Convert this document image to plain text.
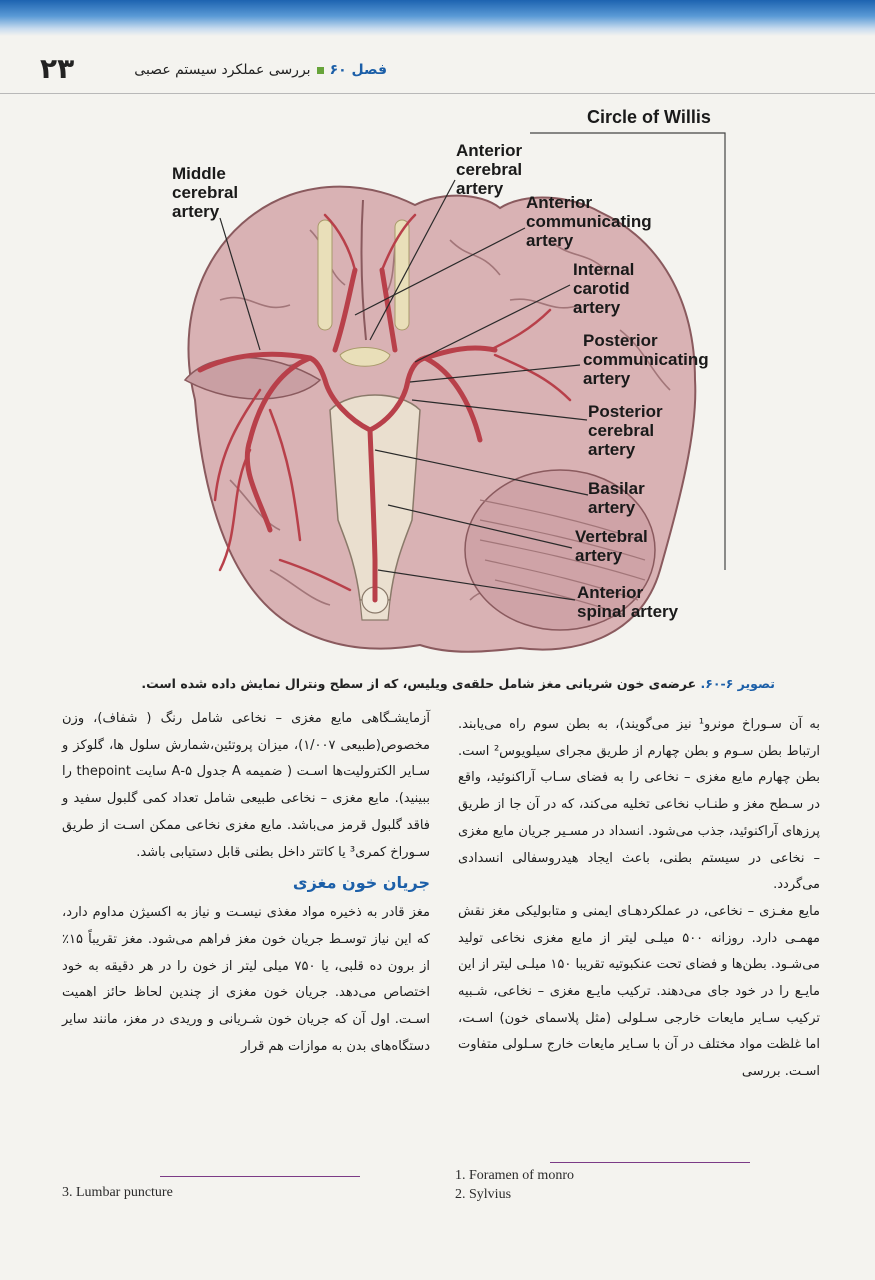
۲۳	فصل ۶۰
بررسی عملکرد سیستم عصبی
Circle of Willis
Middle
cerebral
artery
Anterior
cerebral
artery
Anterior
communicating
artery
Internal
carotid
artery
Posterior
communicating
artery
Posterior
cerebral
artery
Basilar
artery
Vertebral
artery
Anterior
spinal artery
تصویر ۶-۶۰. عرضه‌ی خون شریانی مغز شامل حلقه‌ی ویلیس، که از سطح ونترال نمایش داده شده است.

به آن سـوراخ مونرو¹ نیز می‌گویند)، به بطن سوم راه می‌یابند. ارتباط بطن سـوم و بطن چهارم از طریق مجرای سیلویوس² است. بطن چهارم مایع مغزی – نخاعی را به فضای سـاب آراکنوئید، واقع در سـطح مغز و طنـاب نخاعی تخلیه می‌کند، که در آن جا از طریق پرزهای آراکنوئید، جذب می‌شود. انسداد در مسـیر جریان مایع مغزی – نخاعی در سیستم بطنی، باعث ایجاد هیدروسفالی انسدادی می‌گردد.

مایع مغـزی – نخاعی، در عملکردهـای ایمنی و متابولیکی مغز نقش مهمـی دارد. روزانه ۵۰۰ میلـی لیتر از مایع مغزی نخاعی تولید می‌شـود. بطن‌ها و فضای تحت عنکبوتیه تقریبا ۱۵۰ میلـی لیتر از این مایـع را در خود جای می‌دهند. ترکیب مایـع مغزی – نخاعی، شـبیه ترکیب سـایر مایعات خارجی سـلولی (مثل پلاسمای خون) اسـت، اما غلظت مواد مختلف در آن با سـایر مایعات خارج سـلولی متفاوت اسـت. بررسی

آزمایشـگاهی مایع مغزی – نخاعی شامل رنگ ( شفاف)، وزن مخصوص(طبیعی ۱/۰۰۷)، میزان پروتئین،شمارش سلول ها، گلوکز و سـایر الکترولیت‌ها اسـت ( ضمیمه A جدول ۵-A سایت thepoint را ببینید). مایع مغزی – نخاعی طبیعی شامل تعداد کمی گلبول سفید و فاقد گلبول قرمز می‌باشد. مایع مغزی نخاعی ممکن اسـت از طریق سـوراخ کمری³ یا کاتتر داخل بطنی قابل دستیابی باشد.

جریان خون مغزی

مغز قادر به ذخیره مواد مغذی نیسـت و نیاز به اکسیژن مداوم دارد، که این نیاز توسـط جریان خون مغز فراهم می‌شود. مغز تقریباً ۱۵٪ از برون ده قلبی، یا ۷۵۰ میلی لیتر از خون را در هر دقیقه به خود اختصاص می‌دهد. جریان خون مغزی از چندین لحاظ حائز اهمیت اسـت. اول آن که جریان خون شـریانی و وریدی در مغز، مانند سایر دستگاه‌های بدن به موازات هم قرار

1. Foramen of monro
2. Sylvius
3. Lumbar puncture
